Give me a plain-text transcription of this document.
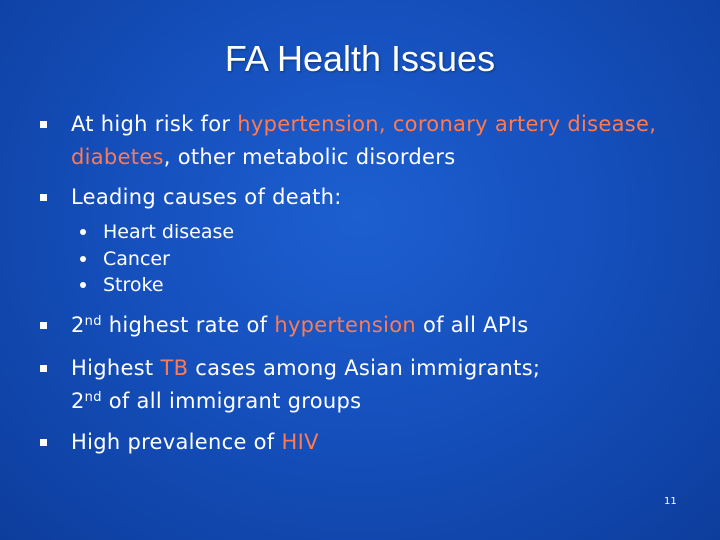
FA Health Issues
At high risk for hypertension, coronary artery disease, diabetes, other metabolic disorders
Leading causes of death:
Heart disease
Cancer
Stroke
2nd highest rate of hypertension of all APIs
Highest TB cases among Asian immigrants;
2nd of all immigrant groups
High prevalence of HIV
11
